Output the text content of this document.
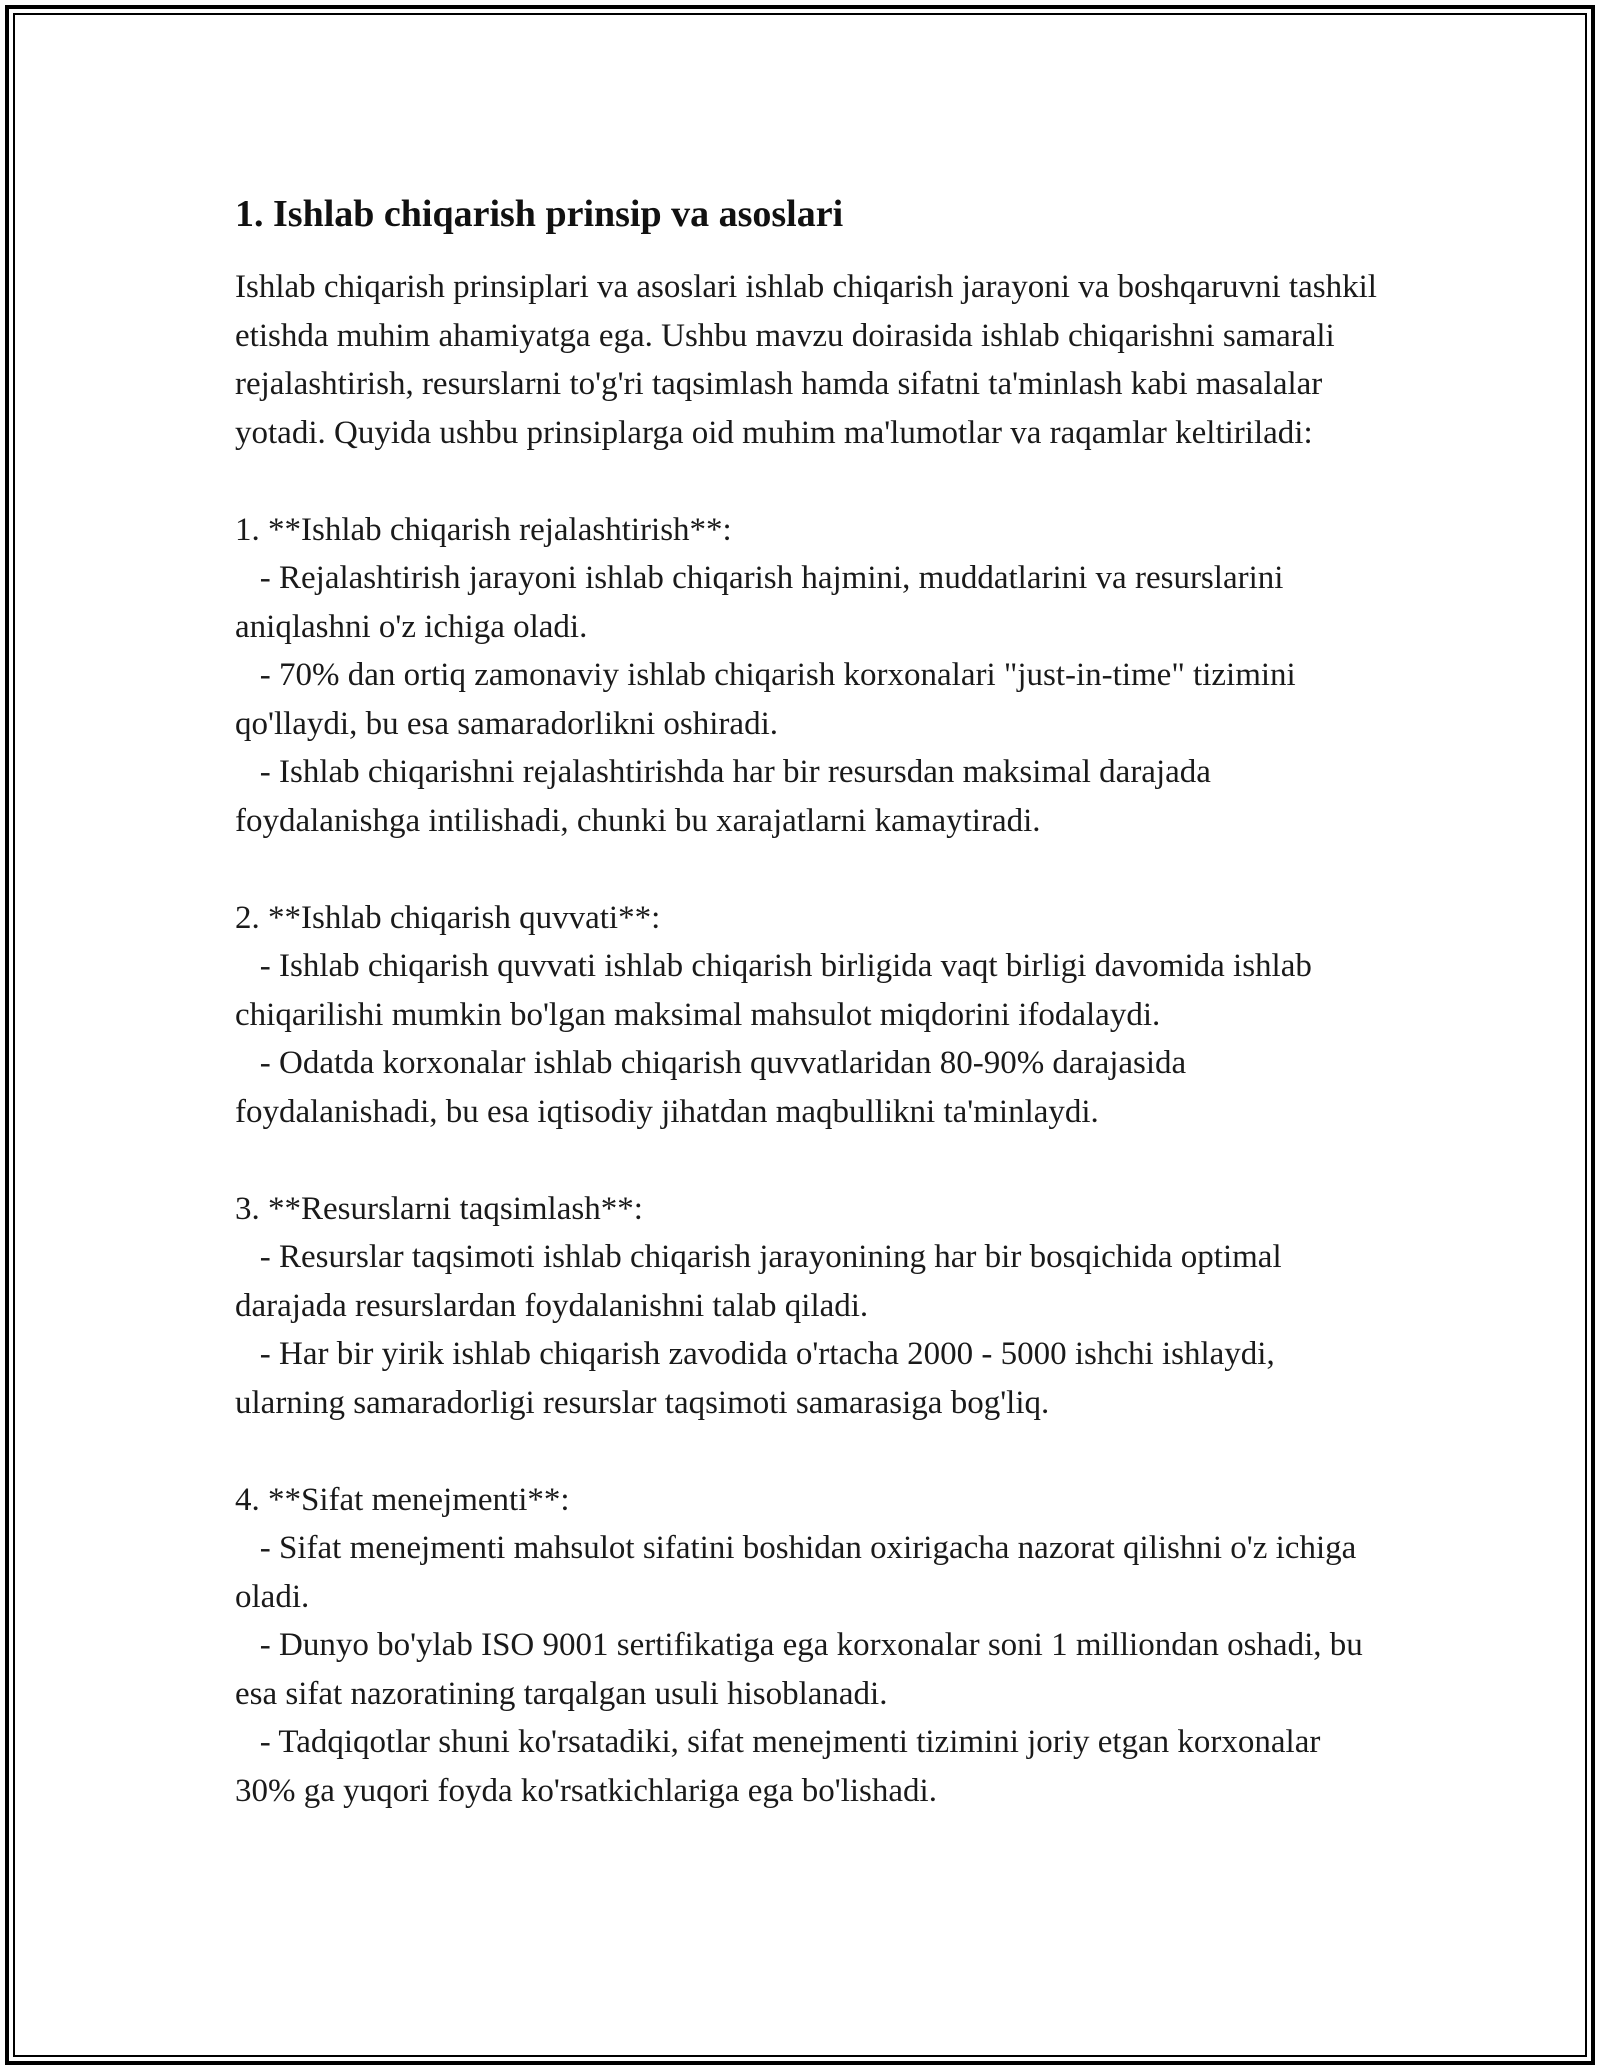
1. Ishlab chiqarish prinsip va asoslari

Ishlab chiqarish prinsiplari va asoslari ishlab chiqarish jarayoni va boshqaruvni tashkil etishda muhim ahamiyatga ega. Ushbu mavzu doirasida ishlab chiqarishni samarali rejalashtirish, resurslarni to'g'ri taqsimlash hamda sifatni ta'minlash kabi masalalar yotadi. Quyida ushbu prinsiplarga oid muhim ma'lumotlar va raqamlar keltiriladi:

1. **Ishlab chiqarish rejalashtirish**:

- Rejalashtirish jarayoni ishlab chiqarish hajmini, muddatlarini va resurslarini aniqlashni o'z ichiga oladi.

- 70% dan ortiq zamonaviy ishlab chiqarish korxonalari "just-in-time" tizimini qo'llaydi, bu esa samaradorlikni oshiradi.

- Ishlab chiqarishni rejalashtirishda har bir resursdan maksimal darajada foydalanishga intilishadi, chunki bu xarajatlarni kamaytiradi.

2. **Ishlab chiqarish quvvati**:

- Ishlab chiqarish quvvati ishlab chiqarish birligida vaqt birligi davomida ishlab chiqarilishi mumkin bo'lgan maksimal mahsulot miqdorini ifodalaydi.

- Odatda korxonalar ishlab chiqarish quvvatlaridan 80-90% darajasida foydalanishadi, bu esa iqtisodiy jihatdan maqbullikni ta'minlaydi.

3. **Resurslarni taqsimlash**:

- Resurslar taqsimoti ishlab chiqarish jarayonining har bir bosqichida optimal darajada resurslardan foydalanishni talab qiladi.

- Har bir yirik ishlab chiqarish zavodida o'rtacha 2000 - 5000 ishchi ishlaydi, ularning samaradorligi resurslar taqsimoti samarasiga bog'liq.

4. **Sifat menejmenti**:

- Sifat menejmenti mahsulot sifatini boshidan oxirigacha nazorat qilishni o'z ichiga oladi.

- Dunyo bo'ylab ISO 9001 sertifikatiga ega korxonalar soni 1 milliondan oshadi, bu esa sifat nazoratining tarqalgan usuli hisoblanadi.

- Tadqiqotlar shuni ko'rsatadiki, sifat menejmenti tizimini joriy etgan korxonalar 30% ga yuqori foyda ko'rsatkichlariga ega bo'lishadi.
